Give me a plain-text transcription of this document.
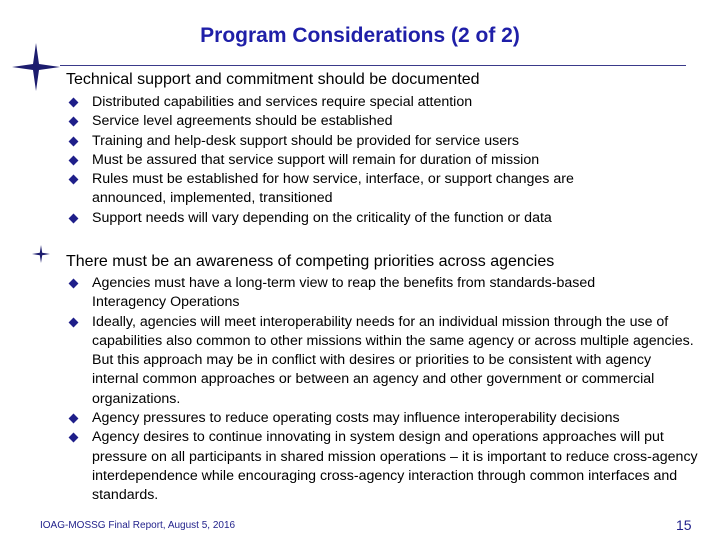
Program Considerations (2 of 2)
Technical support and commitment should be documented
Distributed capabilities and services require special attention
Service level agreements should be established
Training and help-desk support should be provided for service users
Must be assured that service support will remain for duration of mission
Rules must be established for how service, interface, or support changes are announced, implemented, transitioned
Support needs will vary depending on the criticality of the function or data
There must be an awareness of competing priorities across agencies
Agencies must have a long-term view to reap the benefits from standards-based Interagency Operations
Ideally, agencies will meet interoperability needs for an individual mission through the use of capabilities also common to other missions within the same agency or across multiple agencies. But this approach may be in conflict with desires or priorities to be consistent with agency internal common approaches or between an agency and other government or commercial organizations.
Agency pressures to reduce operating costs may influence interoperability decisions
Agency desires to continue innovating in system design and operations approaches will put pressure on all participants in shared mission operations – it is important to reduce cross-agency interdependence while encouraging cross-agency interaction through common interfaces and standards.
IOAG-MOSSG Final Report, August 5, 2016	15
